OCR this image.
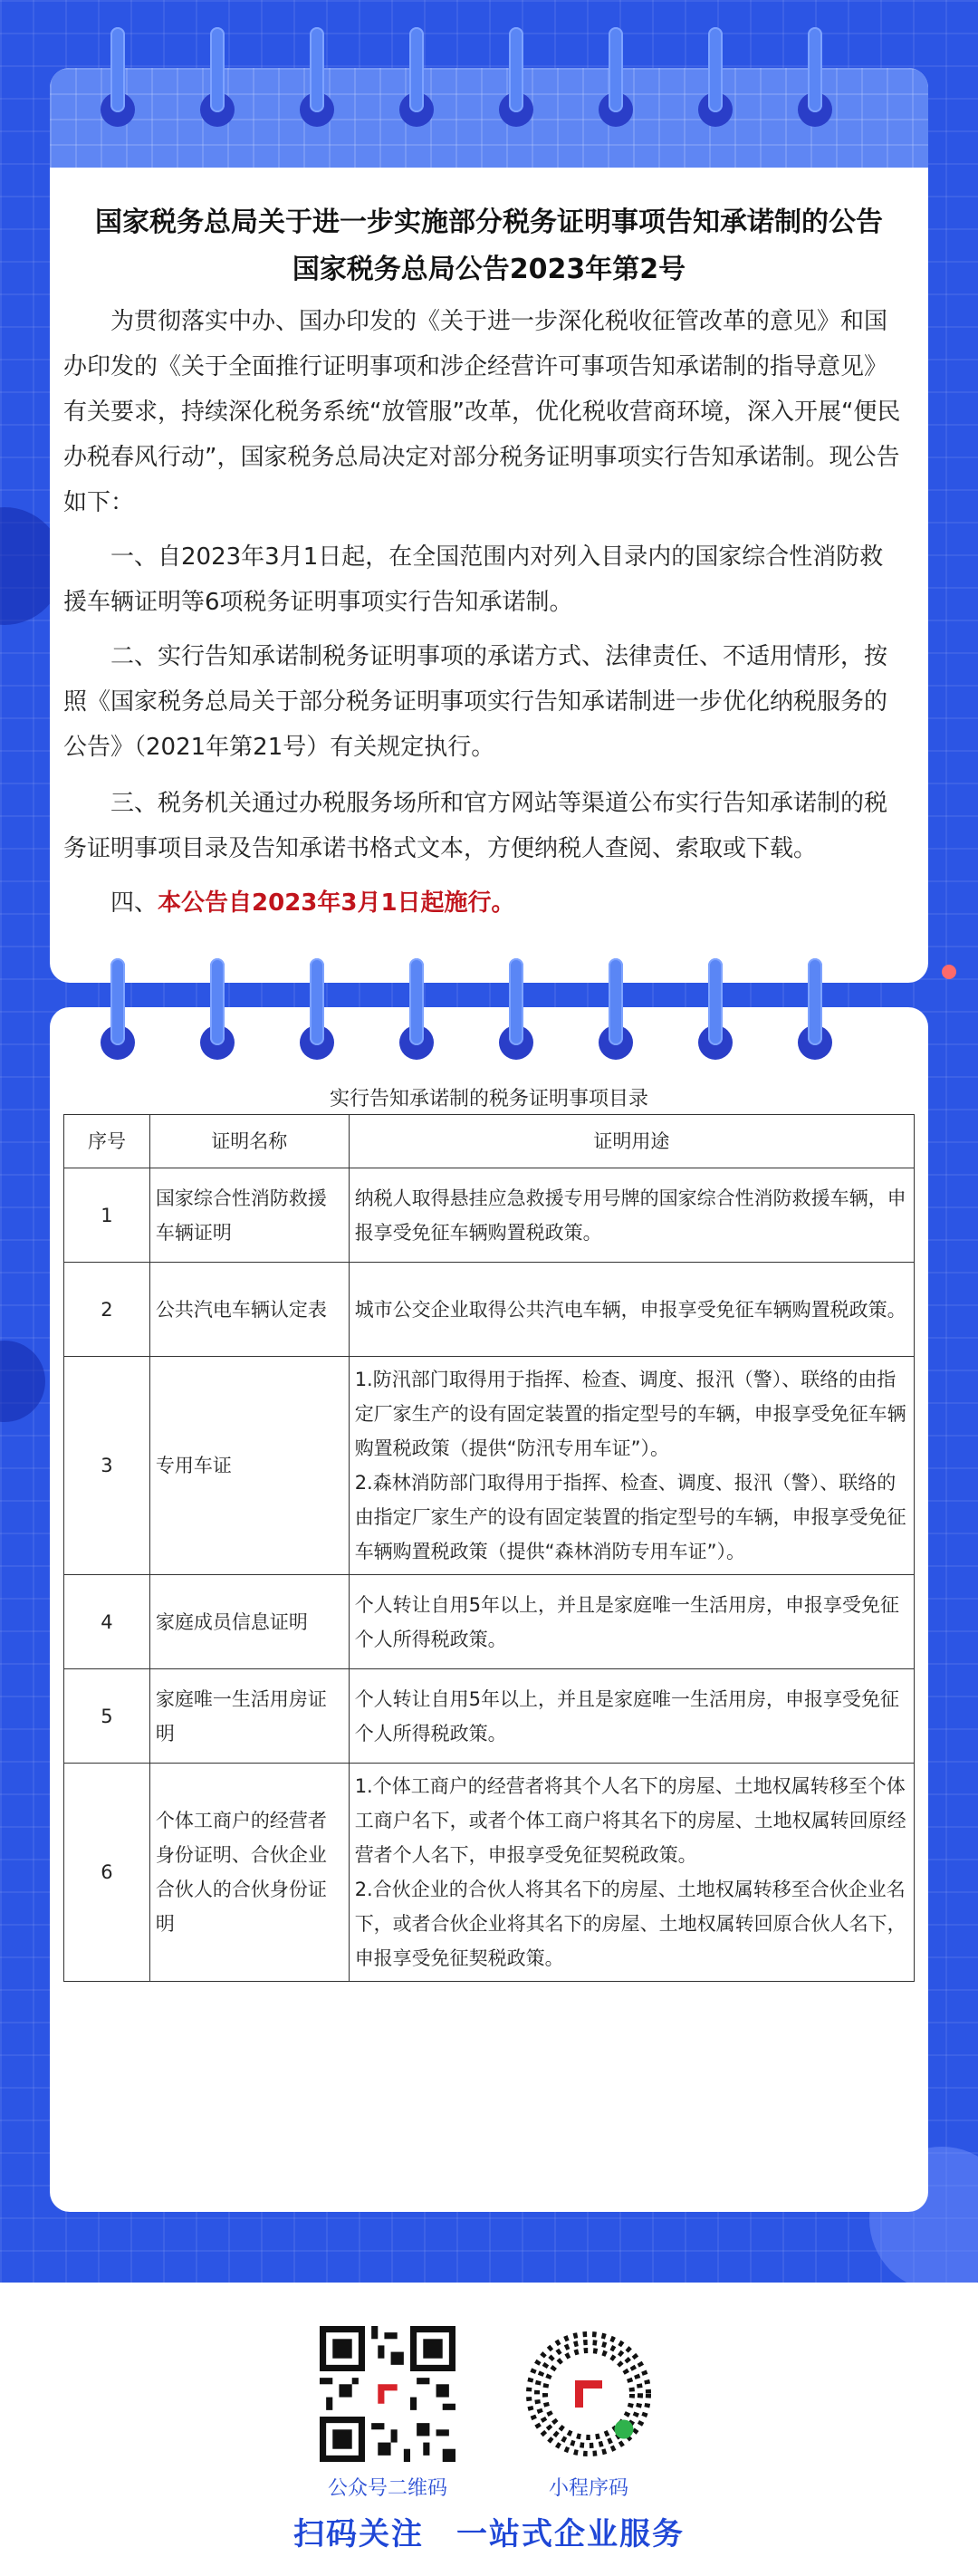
国家税务总局关于进一步实施部分税务证明事项告知承诺制的公告
国家税务总局公告2023年第2号

为贯彻落实中办、国办印发的《关于进一步深化税收征管改革的意见》和国办印发的《关于全面推行证明事项和涉企经营许可事项告知承诺制的指导意见》有关要求，持续深化税务系统“放管服”改革，优化税收营商环境，深入开展“便民办税春风行动”，国家税务总局决定对部分税务证明事项实行告知承诺制。现公告如下：

一、自2023年3月1日起，在全国范围内对列入目录内的国家综合性消防救援车辆证明等6项税务证明事项实行告知承诺制。

二、实行告知承诺制税务证明事项的承诺方式、法律责任、不适用情形，按照《国家税务总局关于部分税务证明事项实行告知承诺制进一步优化纳税服务的公告》（2021年第21号）有关规定执行。

三、税务机关通过办税服务场所和官方网站等渠道公布实行告知承诺制的税务证明事项目录及告知承诺书格式文本，方便纳税人查阅、索取或下载。

四、本公告自2023年3月1日起施行。

实行告知承诺制的税务证明事项目录
序号	证明名称	证明用途
1	国家综合性消防救援车辆证明	纳税人取得悬挂应急救援专用号牌的国家综合性消防救援车辆，申报享受免征车辆购置税政策。
2	公共汽电车辆认定表	城市公交企业取得公共汽电车辆，申报享受免征车辆购置税政策。
3	专用车证	1.防汛部门取得用于指挥、检查、调度、报汛（警）、联络的由指定厂家生产的设有固定装置的指定型号的车辆，申报享受免征车辆购置税政策（提供“防汛专用车证”）。
2.森林消防部门取得用于指挥、检查、调度、报汛（警）、联络的由指定厂家生产的设有固定装置的指定型号的车辆，申报享受免征车辆购置税政策（提供“森林消防专用车证”）。

4	家庭成员信息证明	个人转让自用5年以上，并且是家庭唯一生活用房，申报享受免征个人所得税政策。
5	家庭唯一生活用房证明	个人转让自用5年以上，并且是家庭唯一生活用房，申报享受免征个人所得税政策。
6	个体工商户的经营者身份证明、合伙企业合伙人的合伙身份证明	1.个体工商户的经营者将其个人名下的房屋、土地权属转移至个体工商户名下，或者个体工商户将其名下的房屋、土地权属转回原经营者个人名下，申报享受免征契税政策。
2.合伙企业的合伙人将其名下的房屋、土地权属转移至合伙企业名下，或者合伙企业将其名下的房屋、土地权属转回原合伙人名下，申报享受免征契税政策。
公众号二维码	小程序码
扫码关注　一站式企业服务
